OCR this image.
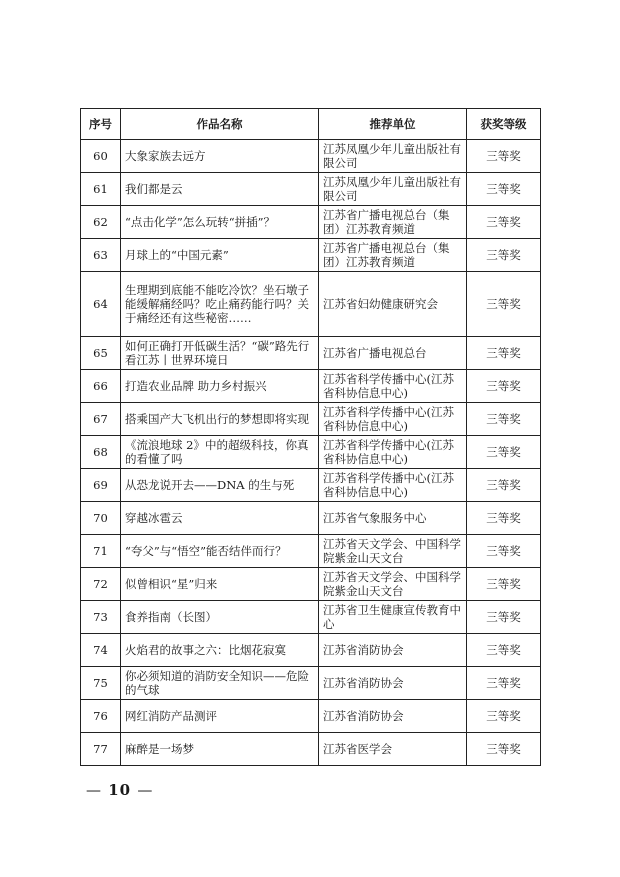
序号	作品名称	推荐单位	获奖等级
60	大象家族去远方	江苏凤凰少年儿童出版社有限公司	三等奖
61	我们都是云	江苏凤凰少年儿童出版社有限公司	三等奖
62	“点击化学”怎么玩转“拼插”？	江苏省广播电视总台（集团）江苏教育频道	三等奖
63	月球上的“中国元素”	江苏省广播电视总台（集团）江苏教育频道	三等奖
64	生理期到底能不能吃冷饮？坐石墩子能缓解痛经吗？吃止痛药能行吗？关于痛经还有这些秘密……	江苏省妇幼健康研究会	三等奖
65	如何正确打开低碳生活？“碳”路先行看江苏丨世界环境日	江苏省广播电视总台	三等奖
66	打造农业品牌 助力乡村振兴	江苏省科学传播中心(江苏省科协信息中心)	三等奖
67	搭乘国产大飞机出行的梦想即将实现	江苏省科学传播中心(江苏省科协信息中心)	三等奖
68	《流浪地球 2》中的超级科技，你真的看懂了吗	江苏省科学传播中心(江苏省科协信息中心)	三等奖
69	从恐龙说开去——DNA 的生与死	江苏省科学传播中心(江苏省科协信息中心)	三等奖
70	穿越冰雹云	江苏省气象服务中心	三等奖
71	“夸父”与“悟空”能否结伴而行？	江苏省天文学会、中国科学院紫金山天文台	三等奖
72	似曾相识“星”归来	江苏省天文学会、中国科学院紫金山天文台	三等奖
73	食养指南（长图）	江苏省卫生健康宣传教育中心	三等奖
74	火焰君的故事之六：比烟花寂寞	江苏省消防协会	三等奖
75	你必须知道的消防安全知识——危险的气球	江苏省消防协会	三等奖
76	网红消防产品测评	江苏省消防协会	三等奖
77	麻醉是一场梦	江苏省医学会	三等奖
— 10 —
